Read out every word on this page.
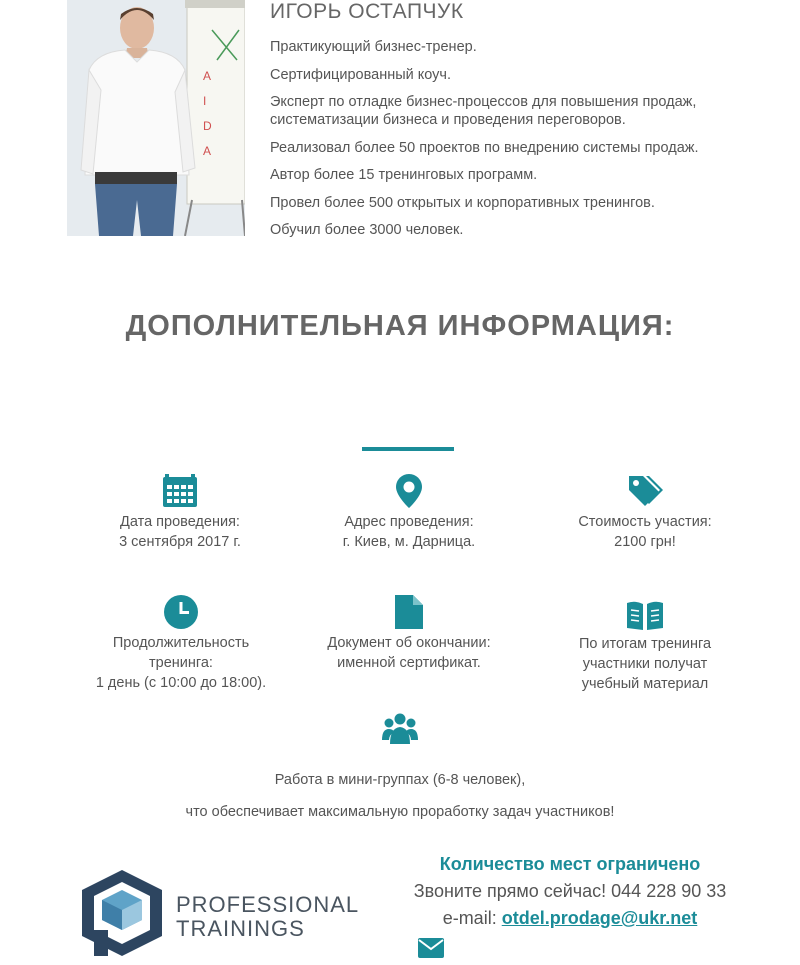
A
I
D
A
ИГОРЬ ОСТАПЧУК
Практикующий бизнес-тренер.
Сертифицированный коуч.
Эксперт по отладке бизнес-процессов для повышения продаж, систематизации бизнеса и проведения переговоров.
Реализовал более 50 проектов по внедрению системы продаж.
Автор более 15 тренинговых программ.
Провел более 500 открытых и корпоративных тренингов.
Обучил более 3000 человек.
ДОПОЛНИТЕЛЬНАЯ ИНФОРМАЦИЯ:

Дата проведения:

3 сентября 2017 г.

Адрес проведения:

г. Киев, м. Дарница.

Стоимость участия:

2100 грн!

Продолжительность

тренинга:

1 день (с 10:00 до 18:00).

Документ об окончании:

именной сертификат.

По итогам тренинга

участники получат

учебный материал

Работа в мини-группах (6-8 человек),

что обеспечивает максимальную проработку задач участников!

PROFESSIONAL
TRAININGS

Количество мест ограничено

Звоните прямо сейчас! 044 228 90 33

e-mail: otdel.prodage@ukr.net
